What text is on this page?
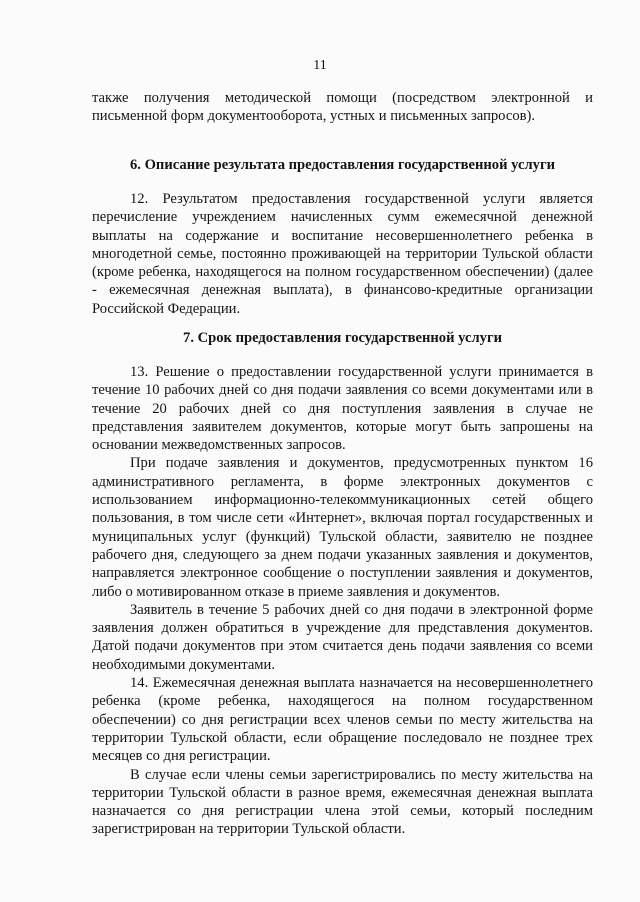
11

также получения методической помощи (посредством электронной и письменной форм документооборота, устных и письменных запросов).

6. Описание результата предоставления государственной услуги

12. Результатом предоставления государственной услуги является перечисление учреждением начисленных сумм ежемесячной денежной выплаты на содержание и воспитание несовершеннолетнего ребенка в многодетной семье, постоянно проживающей на территории Тульской области (кроме ребенка, находящегося на полном государственном обеспечении) (далее - ежемесячная денежная выплата), в финансово-кредитные организации Российской Федерации.

7. Срок предоставления государственной услуги

13. Решение о предоставлении государственной услуги принимается в течение 10 рабочих дней со дня подачи заявления со всеми документами или в течение 20 рабочих дней со дня поступления заявления в случае не представления заявителем документов, которые могут быть запрошены на основании межведомственных запросов.

При подаче заявления и документов, предусмотренных пунктом 16 административного регламента, в форме электронных документов с использованием информационно-телекоммуникационных сетей общего пользования, в том числе сети «Интернет», включая портал государственных и муниципальных услуг (функций) Тульской области, заявителю не позднее рабочего дня, следующего за днем подачи указанных заявления и документов, направляется электронное сообщение о поступлении заявления и документов, либо о мотивированном отказе в приеме заявления и документов.

Заявитель в течение 5 рабочих дней со дня подачи в электронной форме заявления должен обратиться в учреждение для представления документов. Датой подачи документов при этом считается день подачи заявления со всеми необходимыми документами.

14. Ежемесячная денежная выплата назначается на несовершеннолетнего ребенка (кроме ребенка, находящегося на полном государственном обеспечении) со дня регистрации всех членов семьи по месту жительства на территории Тульской области, если обращение последовало не позднее трех месяцев со дня регистрации.

В случае если члены семьи зарегистрировались по месту жительства на территории Тульской области в разное время, ежемесячная денежная выплата назначается со дня регистрации члена этой семьи, который последним зарегистрирован на территории Тульской области.
